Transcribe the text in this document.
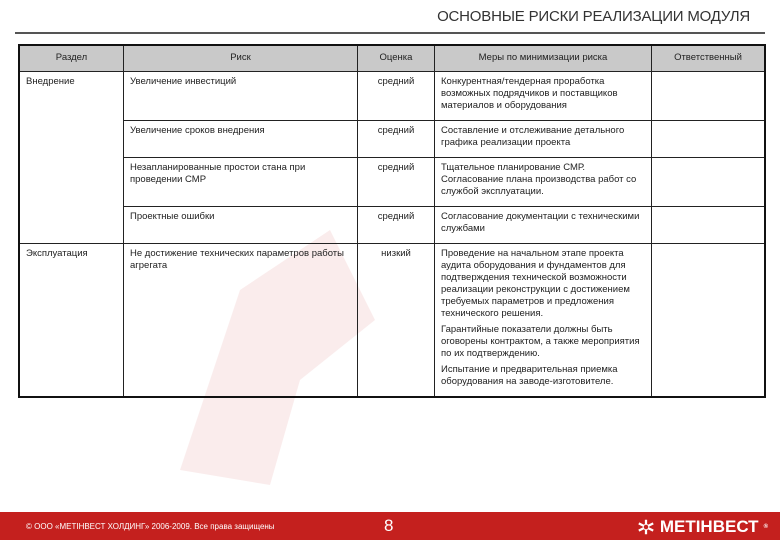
ОСНОВНЫЕ РИСКИ РЕАЛИЗАЦИИ МОДУЛЯ
Раздел	Риск	Оценка	Меры по минимизации риска	Ответственный
Внедрение	Увеличение инвестиций	средний	Конкурентная/тендерная проработка возможных подрядчиков и поставщиков материалов и оборудования	

	Увеличение сроков внедрения	средний	Составление и отслеживание детального графика реализации проекта	

	Незапланированные простои стана при проведении СМР	средний	Тщательное планирование СМР. Согласование плана производства работ со службой эксплуатации.	

	Проектные ошибки	средний	Согласование документации с техническими службами	

Эксплуатация	Не достижение технических параметров работы агрегата	низкий	Проведение на начальном этапе проекта аудита оборудования и фундаментов для подтверждения технической возможности реализации реконструкции с достижением требуемых параметров и предложения технического решения.
Гарантийные показатели должны быть оговорены контрактом, а также мероприятия по их подтверждению.
Испытание и предварительная приемка оборудования на заводе-изготовителе.	

© ООО «МЕТІНВЕСТ ХОЛДИНГ» 2006-2009. Все права защищены	8	МЕТІНВЕСТ ®
